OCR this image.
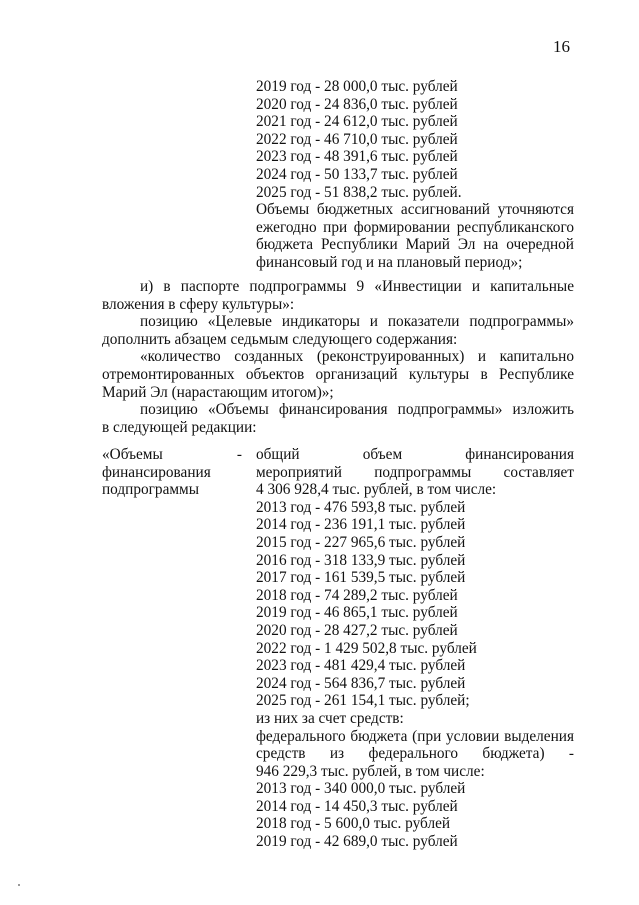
16
2019 год - 28 000,0 тыс. рублей
2020 год - 24 836,0 тыс. рублей
2021 год - 24 612,0 тыс. рублей
2022 год - 46 710,0 тыс. рублей
2023 год - 48 391,6 тыс. рублей
2024 год - 50 133,7 тыс. рублей
2025 год - 51 838,2 тыс. рублей.
Объемы бюджетных ассигнований уточняются
ежегодно при формировании республиканского
бюджета Республики Марий Эл на очередной
финансовый год и на плановый период»;
и) в паспорте подпрограммы 9 «Инвестиции и капитальные
вложения в сферу культуры»:
позицию «Целевые индикаторы и показатели подпрограммы»
дополнить абзацем седьмым следующего содержания:
«количество созданных (реконструированных) и капитально
отремонтированных объектов организаций культуры в Республике
Марий Эл (нарастающим итогом)»;
позицию «Объемы финансирования подпрограммы» изложить
в следующей редакции:
«Объемы -
финансирования
подпрограммы
общий объем финансирования
мероприятий подпрограммы составляет
4 306 928,4 тыс. рублей, в том числе:
2013 год - 476 593,8 тыс. рублей
2014 год - 236 191,1 тыс. рублей
2015 год - 227 965,6 тыс. рублей
2016 год - 318 133,9 тыс. рублей
2017 год - 161 539,5 тыс. рублей
2018 год - 74 289,2 тыс. рублей
2019 год - 46 865,1 тыс. рублей
2020 год - 28 427,2 тыс. рублей
2022 год - 1 429 502,8 тыс. рублей
2023 год - 481 429,4 тыс. рублей
2024 год - 564 836,7 тыс. рублей
2025 год - 261 154,1 тыс. рублей;
из них за счет средств:
федерального бюджета (при условии выделения
средств из федерального бюджета) -
946 229,3 тыс. рублей, в том числе:
2013 год - 340 000,0 тыс. рублей
2014 год - 14 450,3 тыс. рублей
2018 год - 5 600,0 тыс. рублей
2019 год - 42 689,0 тыс. рублей
